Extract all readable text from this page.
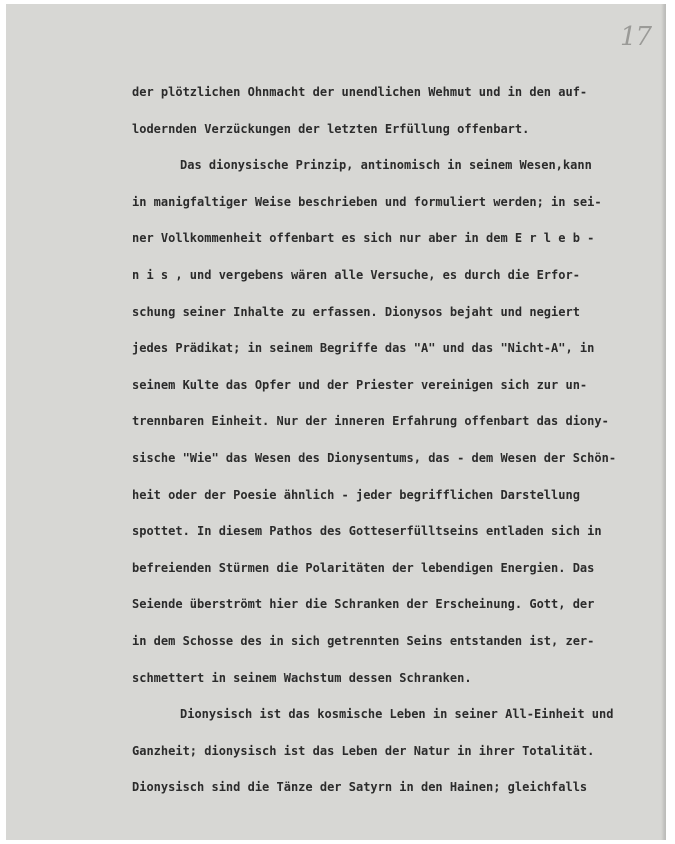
17
der plötzlichen Ohnmacht der unendlichen Wehmut und in den auf-
lodernden Verzückungen der letzten Erfüllung offenbart.
Das dionysische Prinzip, antinomisch in seinem Wesen,kann
in manigfaltiger Weise beschrieben und formuliert werden; in sei-
ner Vollkommenheit offenbart es sich nur aber in dem E r l e b -
n i s , und vergebens wären alle Versuche, es durch die Erfor-
schung seiner Inhalte zu erfassen. Dionysos bejaht und negiert
jedes Prädikat; in seinem Begriffe das "A" und das "Nicht-A", in
seinem Kulte das Opfer und der Priester vereinigen sich zur un-
trennbaren Einheit. Nur der inneren Erfahrung offenbart das diony-
sische "Wie" das Wesen des Dionysentums, das - dem Wesen der Schön-
heit oder der Poesie ähnlich - jeder begrifflichen Darstellung
spottet. In diesem Pathos des Gotteserfülltseins entladen sich in
befreienden Stürmen die Polaritäten der lebendigen Energien. Das
Seiende überströmt hier die Schranken der Erscheinung. Gott, der
in dem Schosse des in sich getrennten Seins entstanden ist, zer-
schmettert in seinem Wachstum dessen Schranken.
Dionysisch ist das kosmische Leben in seiner All-Einheit und
Ganzheit; dionysisch ist das Leben der Natur in ihrer Totalität.
Dionysisch sind die Tänze der Satyrn in den Hainen; gleichfalls
